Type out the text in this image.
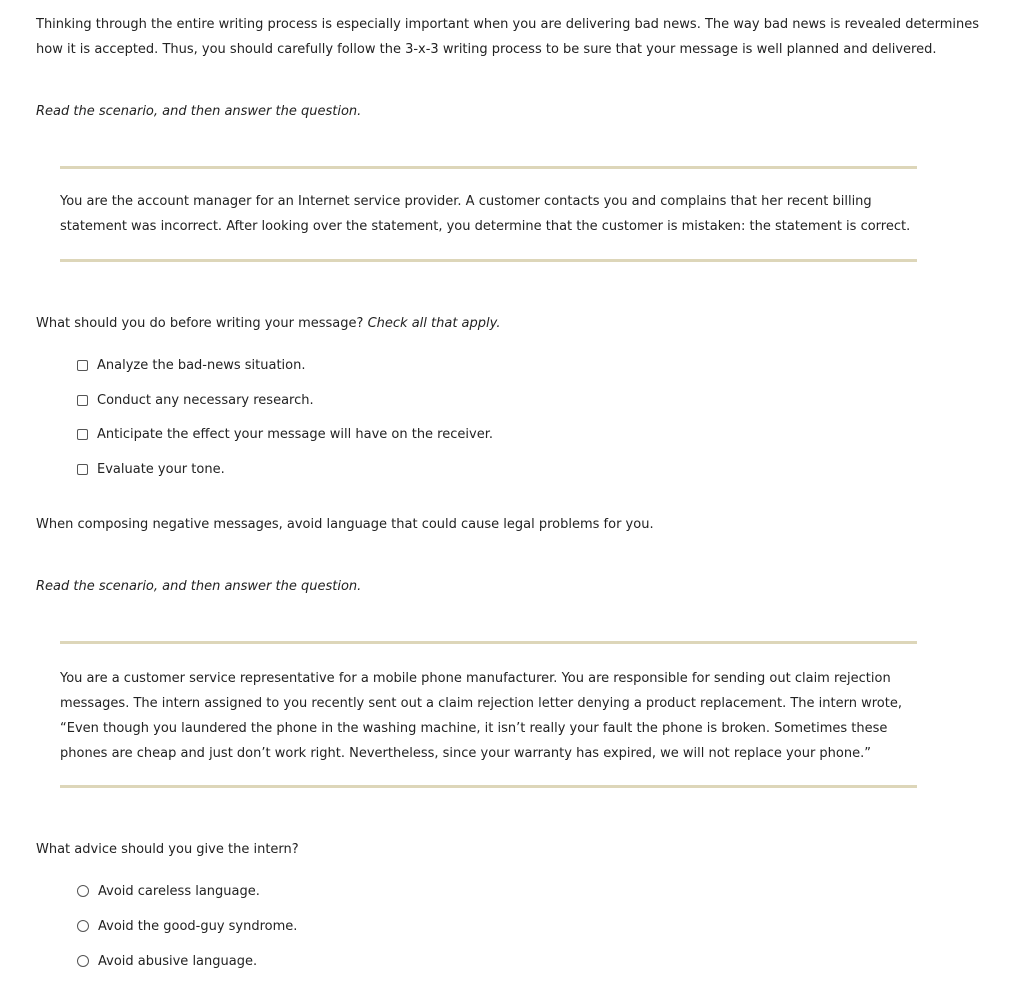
Thinking through the entire writing process is especially important when you are delivering bad news. The way bad news is revealed determines how it is accepted. Thus, you should carefully follow the 3-x-3 writing process to be sure that your message is well planned and delivered.

Read the scenario, and then answer the question.

You are the account manager for an Internet service provider. A customer contacts you and complains that her recent billing statement was incorrect. After looking over the statement, you determine that the customer is mistaken: the statement is correct.

What should you do before writing your message? Check all that apply.

Analyze the bad-news situation.
Conduct any necessary research.
Anticipate the effect your message will have on the receiver.
Evaluate your tone.

When composing negative messages, avoid language that could cause legal problems for you.

Read the scenario, and then answer the question.

You are a customer service representative for a mobile phone manufacturer. You are responsible for sending out claim rejection messages. The intern assigned to you recently sent out a claim rejection letter denying a product replacement. The intern wrote, “Even though you laundered the phone in the washing machine, it isn’t really your fault the phone is broken. Sometimes these phones are cheap and just don’t work right. Nevertheless, since your warranty has expired, we will not replace your phone.”

What advice should you give the intern?

Avoid careless language.
Avoid the good-guy syndrome.
Avoid abusive language.
